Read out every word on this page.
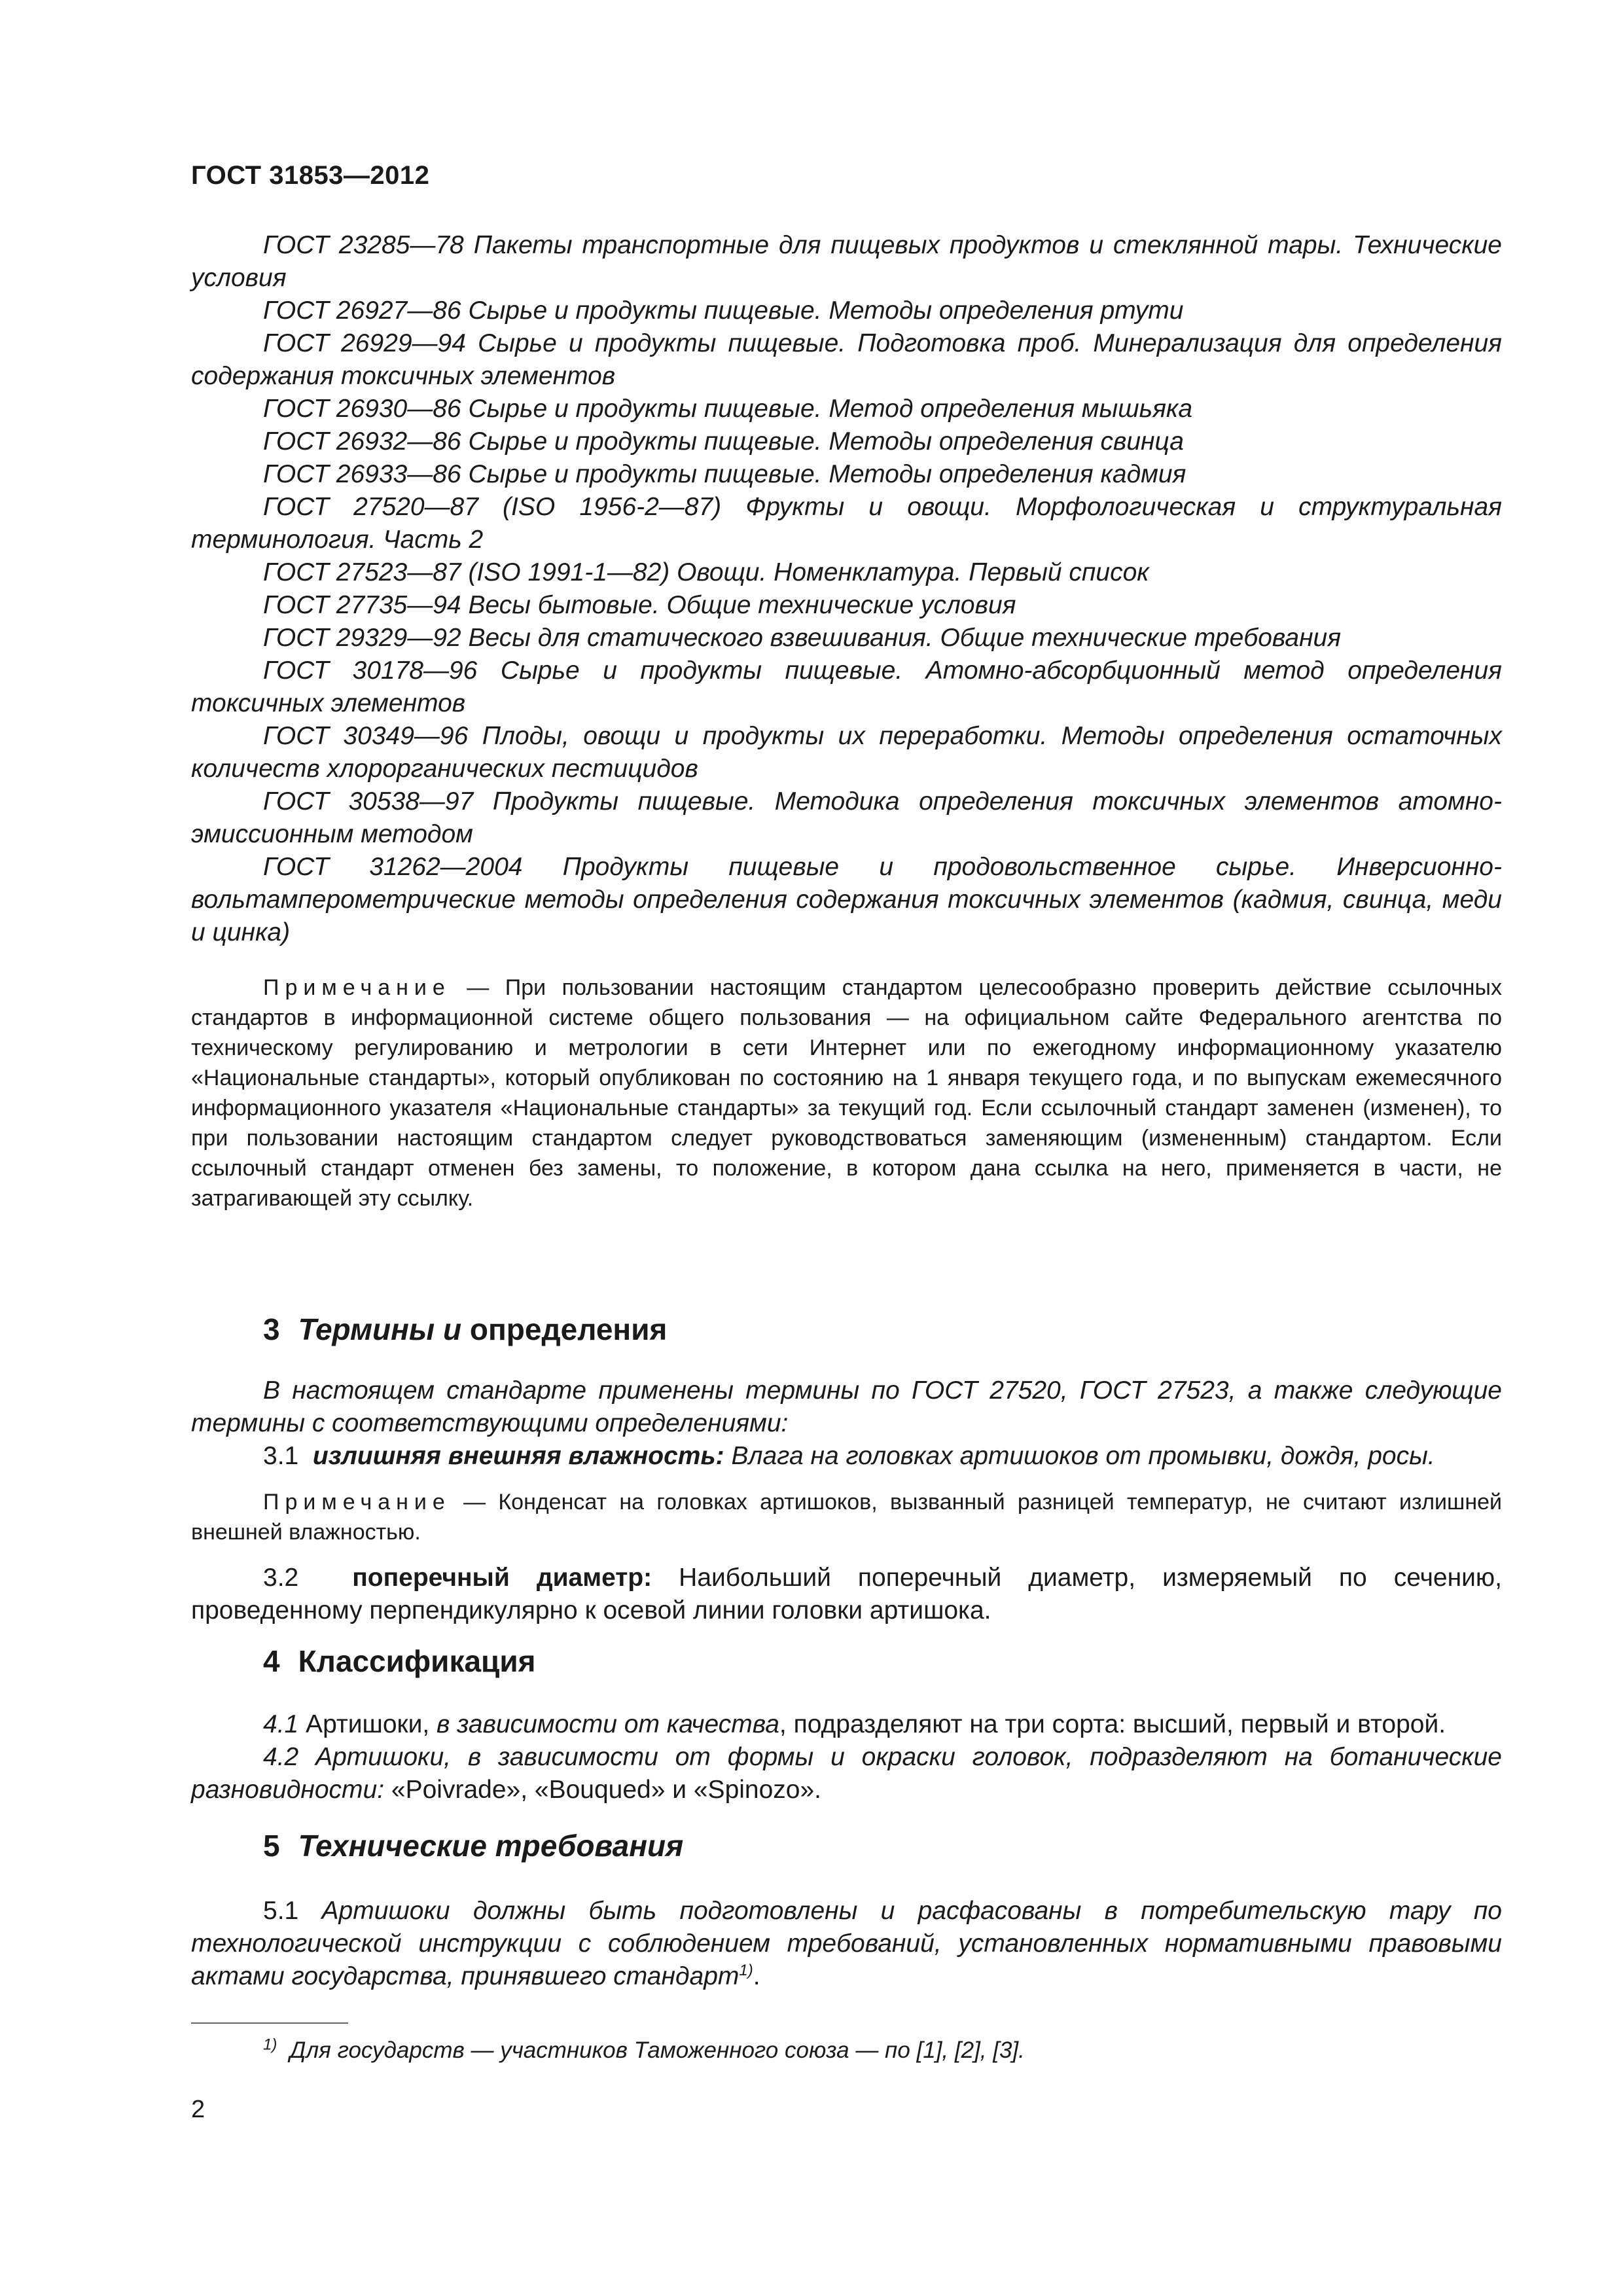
ГОСТ 31853—2012

ГОСТ 23285—78 Пакеты транспортные для пищевых продуктов и стеклянной тары. Технические условия

ГОСТ 26927—86 Сырье и продукты пищевые. Методы определения ртути

ГОСТ 26929—94 Сырье и продукты пищевые. Подготовка проб. Минерализация для определения содержания токсичных элементов

ГОСТ 26930—86 Сырье и продукты пищевые. Метод определения мышьяка

ГОСТ 26932—86 Сырье и продукты пищевые. Методы определения свинца

ГОСТ 26933—86 Сырье и продукты пищевые. Методы определения кадмия

ГОСТ 27520—87 (ISO 1956-2—87) Фрукты и овощи. Морфологическая и структуральная терминология. Часть 2

ГОСТ 27523—87 (ISO 1991-1—82) Овощи. Номенклатура. Первый список

ГОСТ 27735—94 Весы бытовые. Общие технические условия

ГОСТ 29329—92 Весы для статического взвешивания. Общие технические требования

ГОСТ 30178—96 Сырье и продукты пищевые. Атомно-абсорбционный метод определения токсичных элементов

ГОСТ 30349—96 Плоды, овощи и продукты их переработки. Методы определения остаточных количеств хлорорганических пестицидов

ГОСТ 30538—97 Продукты пищевые. Методика определения токсичных элементов атомно-эмиссионным методом

ГОСТ 31262—2004 Продукты пищевые и продовольственное сырье. Инверсионно-вольтамперометрические методы определения содержания токсичных элементов (кадмия, свинца, меди и цинка)

Примечание — При пользовании настоящим стандартом целесообразно проверить действие ссылочных стандартов в информационной системе общего пользования — на официальном сайте Федерального агентства по техническому регулированию и метрологии в сети Интернет или по ежегодному информационному указателю «Национальные стандарты», который опубликован по состоянию на 1 января текущего года, и по выпускам ежемесячного информационного указателя «Национальные стандарты» за текущий год. Если ссылочный стандарт заменен (изменен), то при пользовании настоящим стандартом следует руководствоваться заменяющим (измененным) стандартом. Если ссылочный стандарт отменен без замены, то положение, в котором дана ссылка на него, применяется в части, не затрагивающей эту ссылку.

3 Термины и определения

В настоящем стандарте применены термины по ГОСТ 27520, ГОСТ 27523, а также следующие термины с соответствующими определениями:

3.1 излишняя внешняя влажность: Влага на головках артишоков от промывки, дождя, росы.

Примечание — Конденсат на головках артишоков, вызванный разницей температур, не считают излишней внешней влажностью.

3.2 поперечный диаметр: Наибольший поперечный диаметр, измеряемый по сечению, проведенному перпендикулярно к осевой линии головки артишока.

4 Классификация

4.1 Артишоки, в зависимости от качества, подразделяют на три сорта: высший, первый и второй.

4.2 Артишоки, в зависимости от формы и окраски головок, подразделяют на ботанические разновидности: «Poivrade», «Bouqued» и «Spinozo».

5 Технические требования

5.1 Артишоки должны быть подготовлены и расфасованы в потребительскую тару по технологической инструкции с соблюдением требований, установленных нормативными правовыми актами государства, принявшего стандарт$^{1)}$.

$^{1)}$ Для государств — участников Таможенного союза — по [1], [2], [3].
2
